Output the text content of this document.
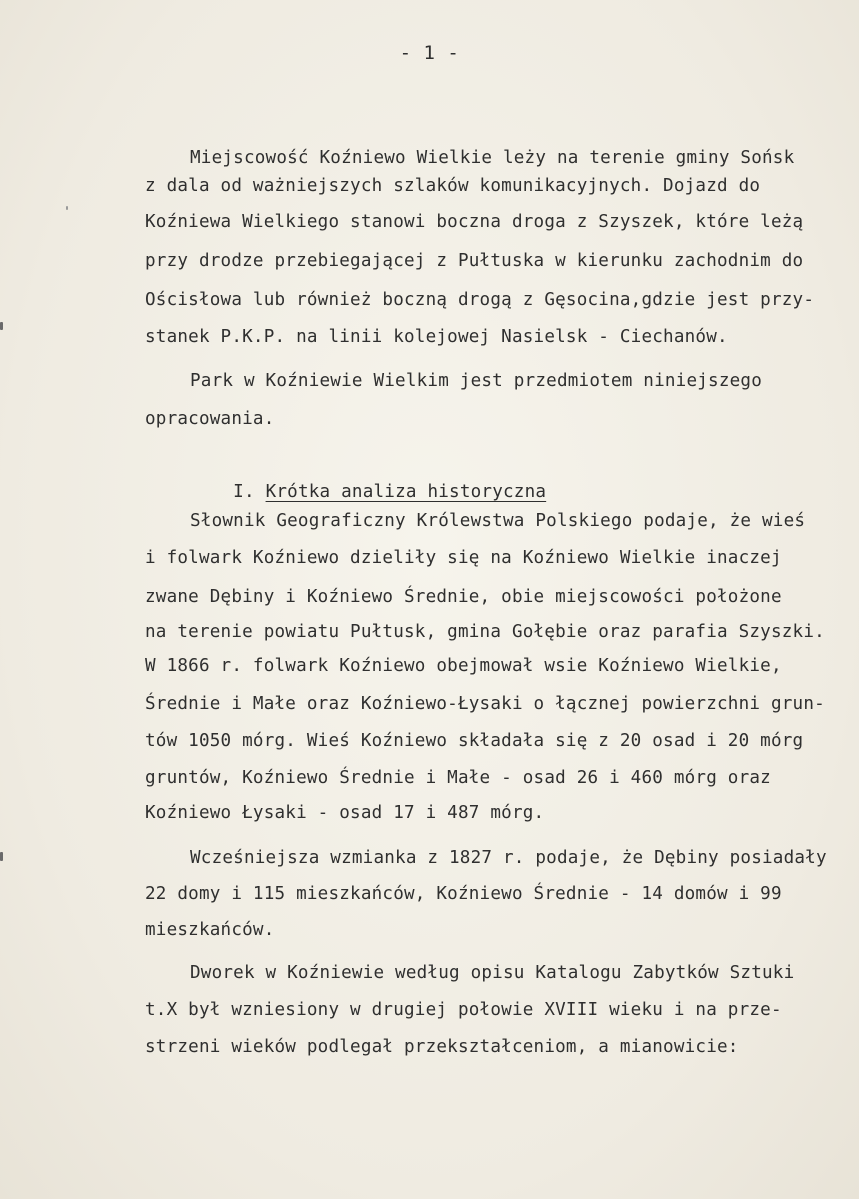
- 1 -
Miejscowość Koźniewo Wielkie leży na terenie gminy Sońsk
z dala od ważniejszych szlaków komunikacyjnych. Dojazd do
Koźniewa Wielkiego stanowi boczna droga z Szyszek, które leżą
przy drodze przebiegającej z Pułtuska w kierunku zachodnim do
Ościsłowa lub również boczną drogą z Gęsocina,gdzie jest przy-
stanek P.K.P. na linii kolejowej Nasielsk - Ciechanów.
Park w Koźniewie Wielkim jest przedmiotem niniejszego
opracowania.

I. Krótka analiza historyczna

Słownik Geograficzny Królewstwa Polskiego podaje, że wieś
i folwark Koźniewo dzieliły się na Koźniewo Wielkie inaczej
zwane Dębiny i Koźniewo Średnie, obie miejscowości położone
na terenie powiatu Pułtusk, gmina Gołębie oraz parafia Szyszki.
W 1866 r. folwark Koźniewo obejmował wsie Koźniewo Wielkie,
Średnie i Małe oraz Koźniewo-Łysaki o łącznej powierzchni grun-
tów 1050 mórg. Wieś Koźniewo składała się z 20 osad i 20 mórg
gruntów, Koźniewo Średnie i Małe - osad 26 i 460 mórg oraz
Koźniewo Łysaki - osad 17 i 487 mórg.
Wcześniejsza wzmianka z 1827 r. podaje, że Dębiny posiadały
22 domy i 115 mieszkańców, Koźniewo Średnie - 14 domów i 99
mieszkańców.
Dworek w Koźniewie według opisu Katalogu Zabytków Sztuki
t.X był wzniesiony w drugiej połowie XVIII wieku i na prze-
strzeni wieków podlegał przekształceniom, a mianowicie:
